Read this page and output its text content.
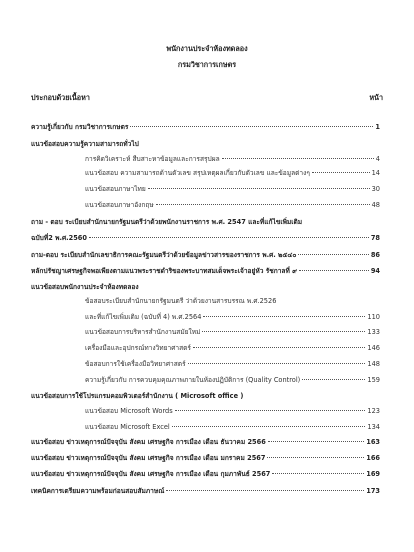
พนักงานประจำห้องทดลอง
กรมวิชาการเกษตร
ประกอบด้วยเนื้อหา	หน้า
ความรู้เกี่ยวกับ กรมวิชาการเกษตร	1
แนวข้อสอบความรู้ความสามารถทั่วไป
การคิดวิเคราะห์ สืบสาะหาข้อมูลและการสรุปผล	4
แนวข้อสอบ ความสามารถด้านตัวเลข สรุปเหตุผลเกี่ยวกับตัวเลข และข้อมูลต่างๆ	14
แนวข้อสอบภาษาไทย	30
แนวข้อสอบภาษาอังกฤษ	48
ถาม - ตอบ ระเบียบสำนักนายกรัฐมนตรีว่าด้วยพนักงานราชการ พ.ศ. 2547 และที่แก้ไขเพิ่มเติม
ฉบับที่2 พ.ศ.2560	78
ถาม-ตอบ ระเบียบสำนักเลขาธิการคณะรัฐมนตรีว่าด้วยข้อมูลข่าวสารของราชการ พ.ศ. ๒๕๔๐	86
หลักปรัชญาเศรษฐกิจพอเพียงตามแนวพระราชดำริของพระบาทสมเด็จพระเจ้าอยู่หัว รัชกาลที่ ๙	94
แนวข้อสอบพนักงานประจำห้องทดลอง
ข้อสอบระเบียบสำนักนายกรัฐมนตรี ว่าด้วยงานสารบรรณ พ.ศ.2526
และที่แก้ไขเพิ่มเติม (ฉบับที่ 4) พ.ศ.2564	110
แนวข้อสอบการบริหารสำนักงานสมัยใหม่	133
เครื่องมือและอุปกรณ์ทางวิทยาศาสตร์	146
ข้อสอบการใช้เครื่องมือวิทยาศาสตร์	148
ความรู้เกี่ยวกับ การควบคุมคุณภาพภายในห้องปฏิบัติการ (Quality Control)	159
แนวข้อสอบการใช้โปรแกรมคอมพิวเตอร์สำนักงาน ( Microsoft office )
แนวข้อสอบ Microsoft Words	123
แนวข้อสอบ Microsoft Excel	134
แนวข้อสอบ ข่าวเหตุการณ์ปัจจุบัน สังคม เศรษฐกิจ การเมือง เดือน ธันวาคม 2566	163
แนวข้อสอบ ข่าวเหตุการณ์ปัจจุบัน สังคม เศรษฐกิจ การเมือง เดือน มกราคม 2567	166
แนวข้อสอบ ข่าวเหตุการณ์ปัจจุบัน สังคม เศรษฐกิจ การเมือง เดือน กุมภาพันธ์ 2567	169
เทคนิคการเตรียมความพร้อมก่อนสอบสัมภาษณ์	173
